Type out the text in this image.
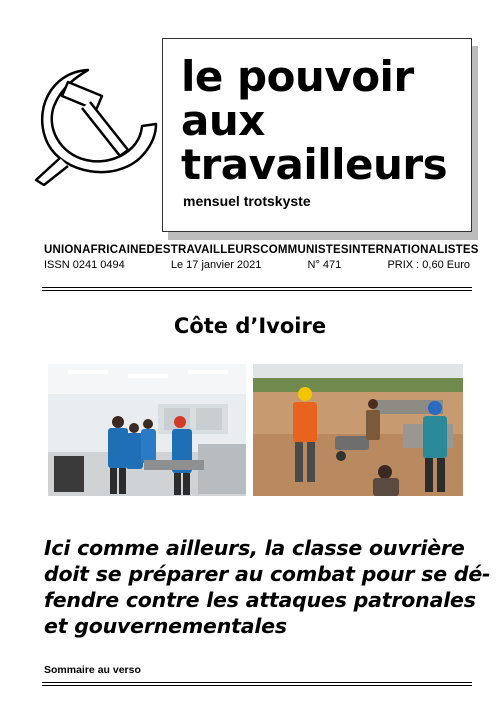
le pouvoir
aux
travailleurs
mensuel trotskyste
UNION AFRICAINE DES TRAVAILLEURS COMMUNISTES INTERNATIONALISTES
ISSN 0241 0494	Le 17 janvier 2021	N° 471	PRIX : 0,60 Euro
Côte d’Ivoire
Ici comme ailleurs, la classe ouvrière
doit se préparer au combat pour se dé-
fendre contre les attaques patronales
et gouvernementales
Sommaire au verso
